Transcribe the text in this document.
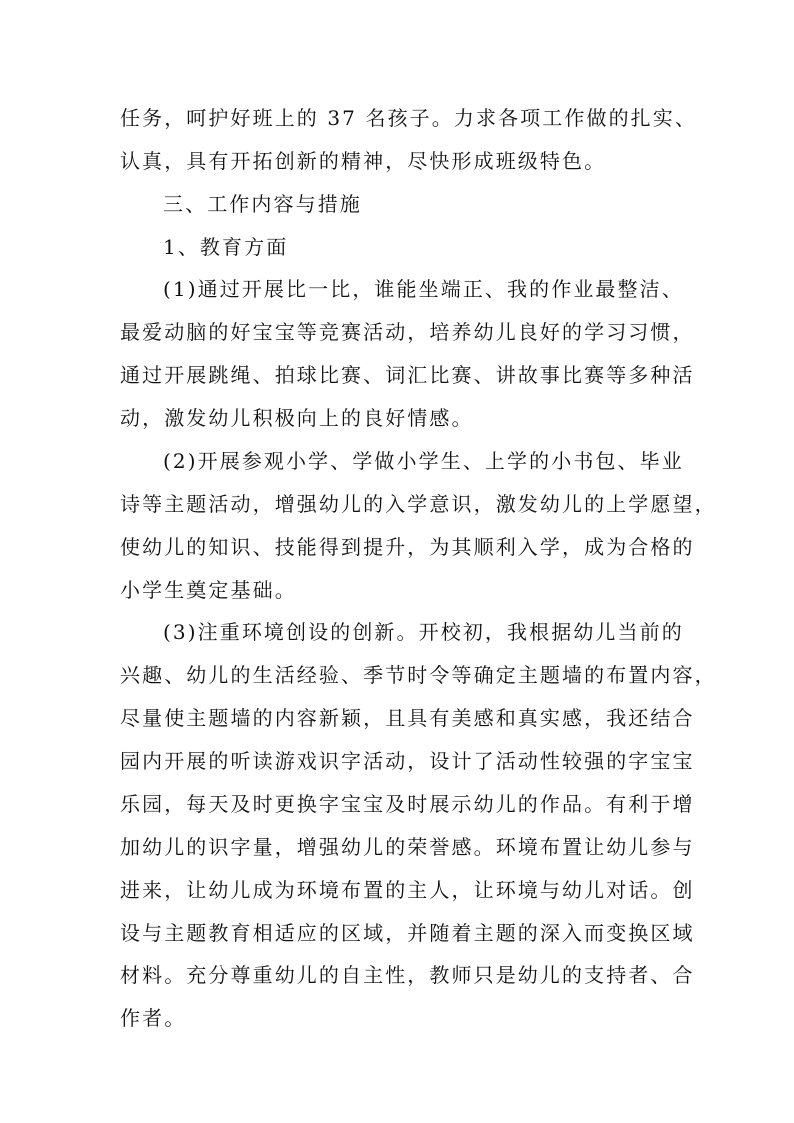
任务，呵护好班上的 37 名孩子。力求各项工作做的扎实、
认真，具有开拓创新的精神，尽快形成班级特色。
三、工作内容与措施
1、教育方面
(1)通过开展比一比，谁能坐端正、我的作业最整洁、
最爱动脑的好宝宝等竞赛活动，培养幼儿良好的学习习惯，
通过开展跳绳、拍球比赛、词汇比赛、讲故事比赛等多种活
动，激发幼儿积极向上的良好情感。
(2)开展参观小学、学做小学生、上学的小书包、毕业
诗等主题活动，增强幼儿的入学意识，激发幼儿的上学愿望，
使幼儿的知识、技能得到提升，为其顺利入学，成为合格的
小学生奠定基础。
(3)注重环境创设的创新。开校初，我根据幼儿当前的
兴趣、幼儿的生活经验、季节时令等确定主题墙的布置内容，
尽量使主题墙的内容新颖，且具有美感和真实感，我还结合
园内开展的听读游戏识字活动，设计了活动性较强的字宝宝
乐园，每天及时更换字宝宝及时展示幼儿的作品。有利于增
加幼儿的识字量，增强幼儿的荣誉感。环境布置让幼儿参与
进来，让幼儿成为环境布置的主人，让环境与幼儿对话。创
设与主题教育相适应的区域，并随着主题的深入而变换区域
材料。充分尊重幼儿的自主性，教师只是幼儿的支持者、合
作者。
